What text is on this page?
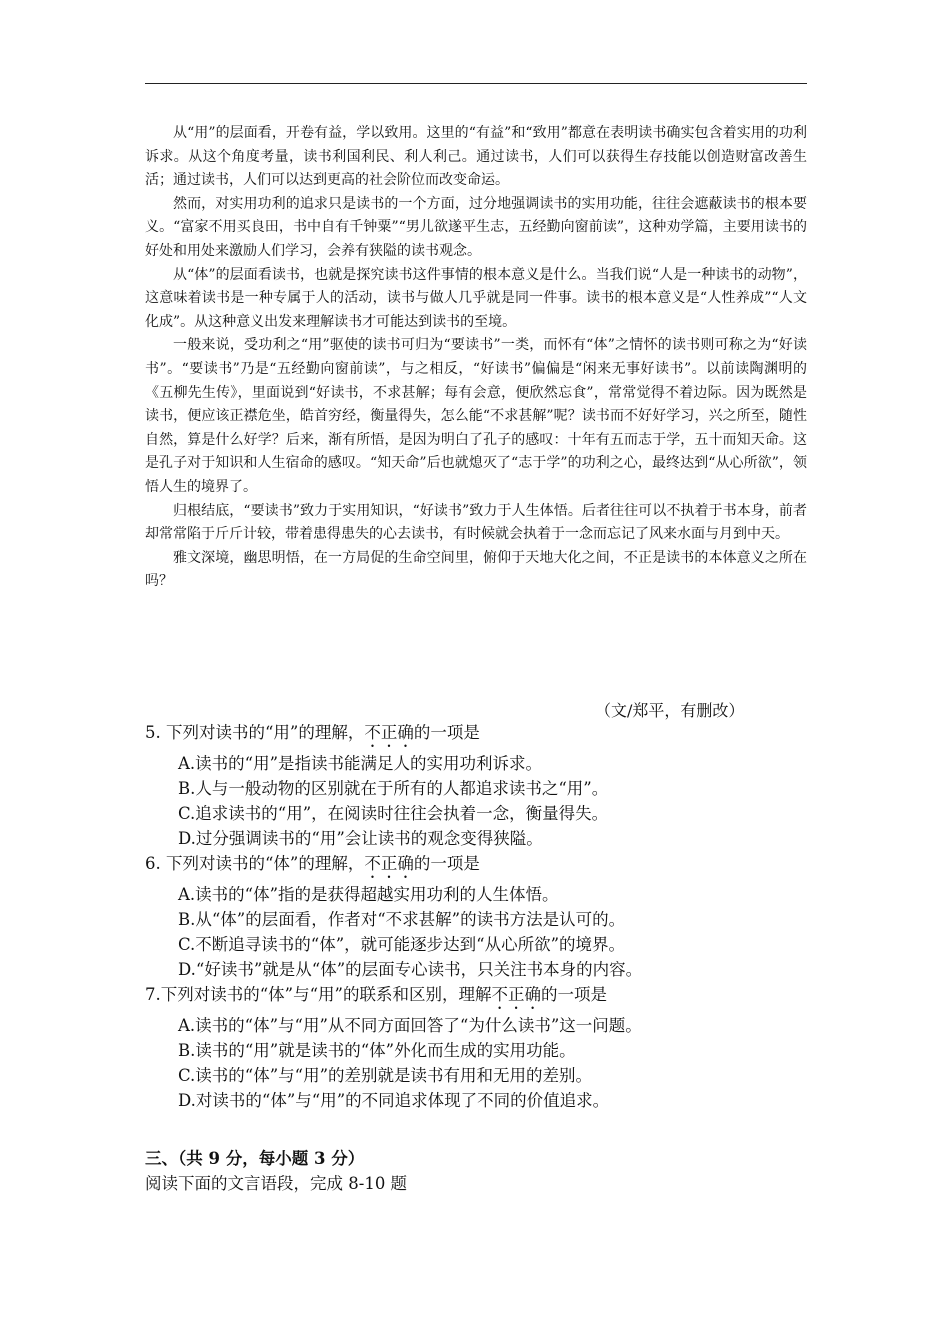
从“用”的层面看，开卷有益，学以致用。这里的“有益”和“致用”都意在表明读书确实包含着实用的功利诉求。从这个角度考量，读书利国利民、利人利己。通过读书，人们可以获得生存技能以创造财富改善生活；通过读书，人们可以达到更高的社会阶位而改变命运。

然而，对实用功利的追求只是读书的一个方面，过分地强调读书的实用功能，往往会遮蔽读书的根本要义。“富家不用买良田，书中自有千钟粟”“男儿欲遂平生志，五经勤向窗前读”，这种劝学篇，主要用读书的好处和用处来激励人们学习，会养有狭隘的读书观念。

从“体”的层面看读书，也就是探究读书这件事情的根本意义是什么。当我们说“人是一种读书的动物”，这意味着读书是一种专属于人的活动，读书与做人几乎就是同一件事。读书的根本意义是“人性养成”“人文化成”。从这种意义出发来理解读书才可能达到读书的至境。

一般来说，受功利之“用”驱使的读书可归为“要读书”一类，而怀有“体”之情怀的读书则可称之为“好读书”。“要读书”乃是“五经勤向窗前读”，与之相反，“好读书”偏偏是“闲来无事好读书”。以前读陶渊明的《五柳先生传》，里面说到“好读书，不求甚解；每有会意，便欣然忘食”，常常觉得不着边际。因为既然是读书，便应该正襟危坐，皓首穷经，衡量得失，怎么能“不求甚解”呢？读书而不好好学习，兴之所至，随性自然，算是什么好学？后来，渐有所悟，是因为明白了孔子的感叹：十年有五而志于学，五十而知天命。这是孔子对于知识和人生宿命的感叹。“知天命”后也就熄灭了“志于学”的功利之心，最终达到“从心所欲”，领悟人生的境界了。

归根结底，“要读书”致力于实用知识，“好读书”致力于人生体悟。后者往往可以不执着于书本身，前者却常常陷于斤斤计较，带着患得患失的心去读书，有时候就会执着于一念而忘记了风来水面与月到中天。

雅文深境，幽思明悟，在一方局促的生命空间里，俯仰于天地大化之间，不正是读书的本体意义之所在吗？

（文/郑平，有删改）
5. 下列对读书的“用”的理解，不正确的一项是
A.读书的“用”是指读书能满足人的实用功利诉求。
B.人与一般动物的区别就在于所有的人都追求读书之“用”。
C.追求读书的“用”，在阅读时往往会执着一念，衡量得失。
D.过分强调读书的“用”会让读书的观念变得狭隘。
6. 下列对读书的“体”的理解，不正确的一项是
A.读书的“体”指的是获得超越实用功利的人生体悟。
B.从“体”的层面看，作者对“不求甚解”的读书方法是认可的。
C.不断追寻读书的“体”，就可能逐步达到“从心所欲”的境界。
D.“好读书”就是从“体”的层面专心读书，只关注书本身的内容。
7.下列对读书的“体”与“用”的联系和区别，理解不正确的一项是
A.读书的“体”与“用”从不同方面回答了“为什么读书”这一问题。
B.读书的“用”就是读书的“体”外化而生成的实用功能。
C.读书的“体”与“用”的差别就是读书有用和无用的差别。
D.对读书的“体”与“用”的不同追求体现了不同的价值追求。
三、（共 9 分，每小题 3 分）
阅读下面的文言语段，完成 8-10 题
